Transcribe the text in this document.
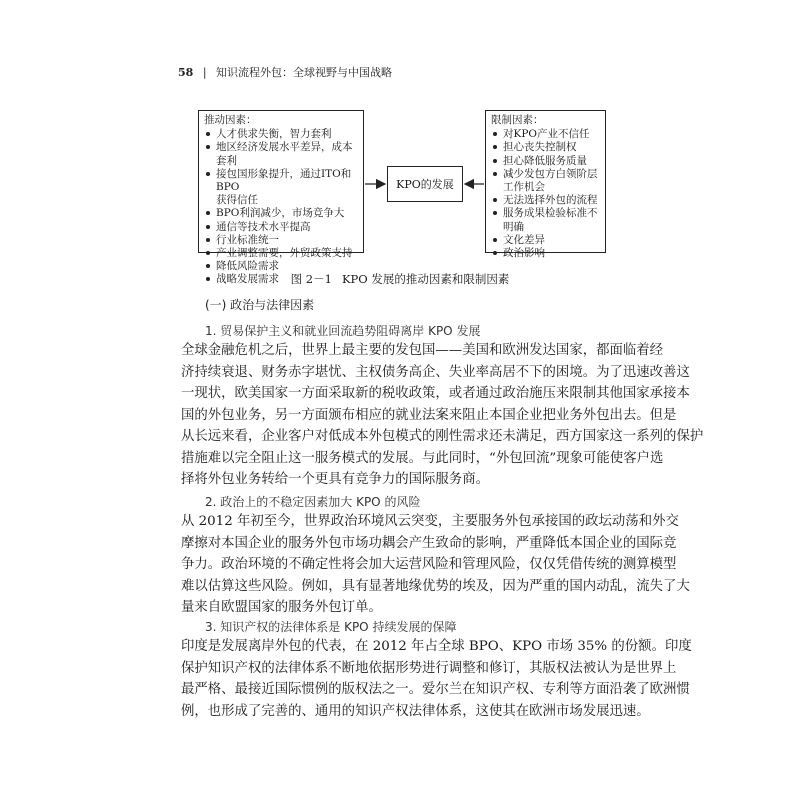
58 | 知识流程外包：全球视野与中国战略
推动因素：
人才供求失衡，智力套利
地区经济发展水平差异，成本套利
接包国形象提升，通过ITO和BPO
获得信任
BPO利润减少，市场竞争大
通信等技术水平提高
行业标准统一
产业调整需要，外贸政策支持
降低风险需求
战略发展需求
KPO的发展
限制因素：
对KPO产业不信任
担心丧失控制权
担心降低服务质量
减少发包方白领阶层
工作机会
无法选择外包的流程
服务成果检验标准不
明确
文化差异
政治影响
图 2－1 KPO 发展的推动因素和限制因素
(一) 政治与法律因素
1. 贸易保护主义和就业回流趋势阻碍离岸 KPO 发展
全球金融危机之后，世界上最主要的发包国——美国和欧洲发达国家，都面临着经
济持续衰退、财务赤字堪忧、主权债务高企、失业率高居不下的困境。为了迅速改善这
一现状，欧美国家一方面采取新的税收政策，或者通过政治施压来限制其他国家承接本
国的外包业务，另一方面颁布相应的就业法案来阻止本国企业把业务外包出去。但是
从长远来看，企业客户对低成本外包模式的刚性需求还未满足，西方国家这一系列的保护
措施难以完全阻止这一服务模式的发展。与此同时，“外包回流”现象可能使客户选
择将外包业务转给一个更具有竞争力的国际服务商。
2. 政治上的不稳定因素加大 KPO 的风险
从 2012 年初至今，世界政治环境风云突变，主要服务外包承接国的政坛动荡和外交
摩擦对本国企业的服务外包市场功耦会产生致命的影响，严重降低本国企业的国际竞
争力。政治环境的不确定性将会加大运营风险和管理风险，仅仅凭借传统的测算模型
难以估算这些风险。例如，具有显著地缘优势的埃及，因为严重的国内动乱，流失了大
量来自欧盟国家的服务外包订单。
3. 知识产权的法律体系是 KPO 持续发展的保障
印度是发展离岸外包的代表，在 2012 年占全球 BPO、KPO 市场 35% 的份额。印度
保护知识产权的法律体系不断地依据形势进行调整和修订，其版权法被认为是世界上
最严格、最接近国际惯例的版权法之一。爱尔兰在知识产权、专利等方面沿袭了欧洲惯
例，也形成了完善的、通用的知识产权法律体系，这使其在欧洲市场发展迅速。
